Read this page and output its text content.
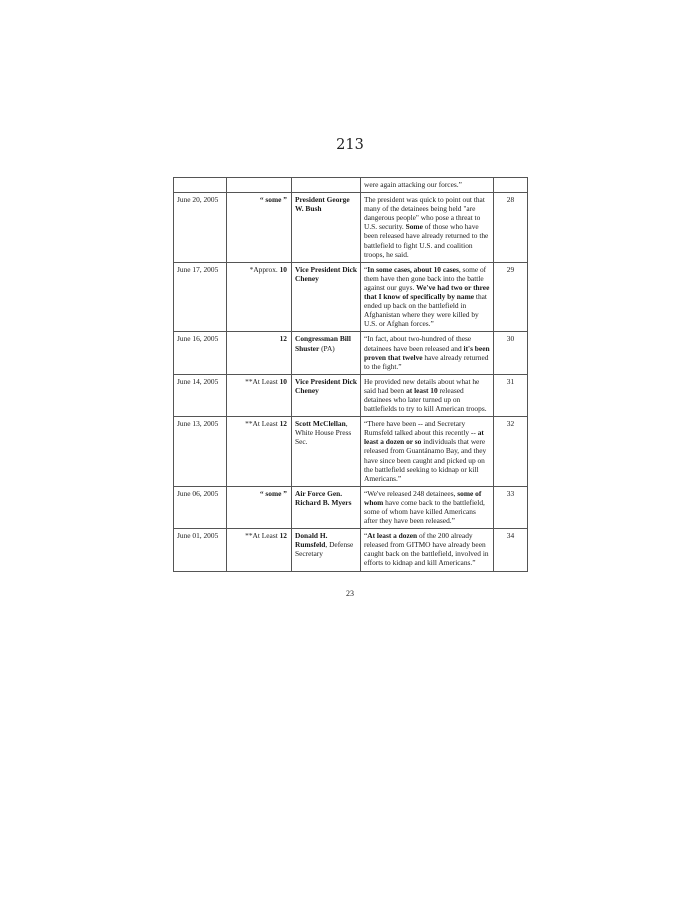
213
			were again attacking our forces.”	
June 20, 2005	“ some ”	President George W. Bush	The president was quick to point out that many of the detainees being held "are dangerous people" who pose a threat to U.S. security. Some of those who have been released have already returned to the battlefield to fight U.S. and coalition troops, he said.	28
June 17, 2005	*Approx. 10	Vice President Dick Cheney	“In some cases, about 10 cases, some of them have then gone back into the battle against our guys. We've had two or three that I know of specifically by name that ended up back on the battlefield in Afghanistan where they were killed by U.S. or Afghan forces.”	29
June 16, 2005	12	Congressman Bill Shuster (PA)	“In fact, about two-hundred of these detainees have been released and it's been proven that twelve have already returned to the fight.”	30
June 14, 2005	**At Least 10	Vice President Dick Cheney	He provided new details about what he said had been at least 10 released detainees who later turned up on battlefields to try to kill American troops.	31
June 13, 2005	**At Least 12	Scott McClellan, White House Press Sec.	“There have been -- and Secretary Rumsfeld talked about this recently -- at least a dozen or so individuals that were released from Guantánamo Bay, and they have since been caught and picked up on the battlefield seeking to kidnap or kill Americans.”	32
June 06, 2005	“ some ”	Air Force Gen. Richard B. Myers	“We've released 248 detainees, some of whom have come back to the battlefield, some of whom have killed Americans after they have been released.”	33
June 01, 2005	**At Least 12	Donald H. Rumsfeld, Defense Secretary	“At least a dozen of the 200 already released from GITMO have already been caught back on the battlefield, involved in efforts to kidnap and kill Americans.”	34
23
